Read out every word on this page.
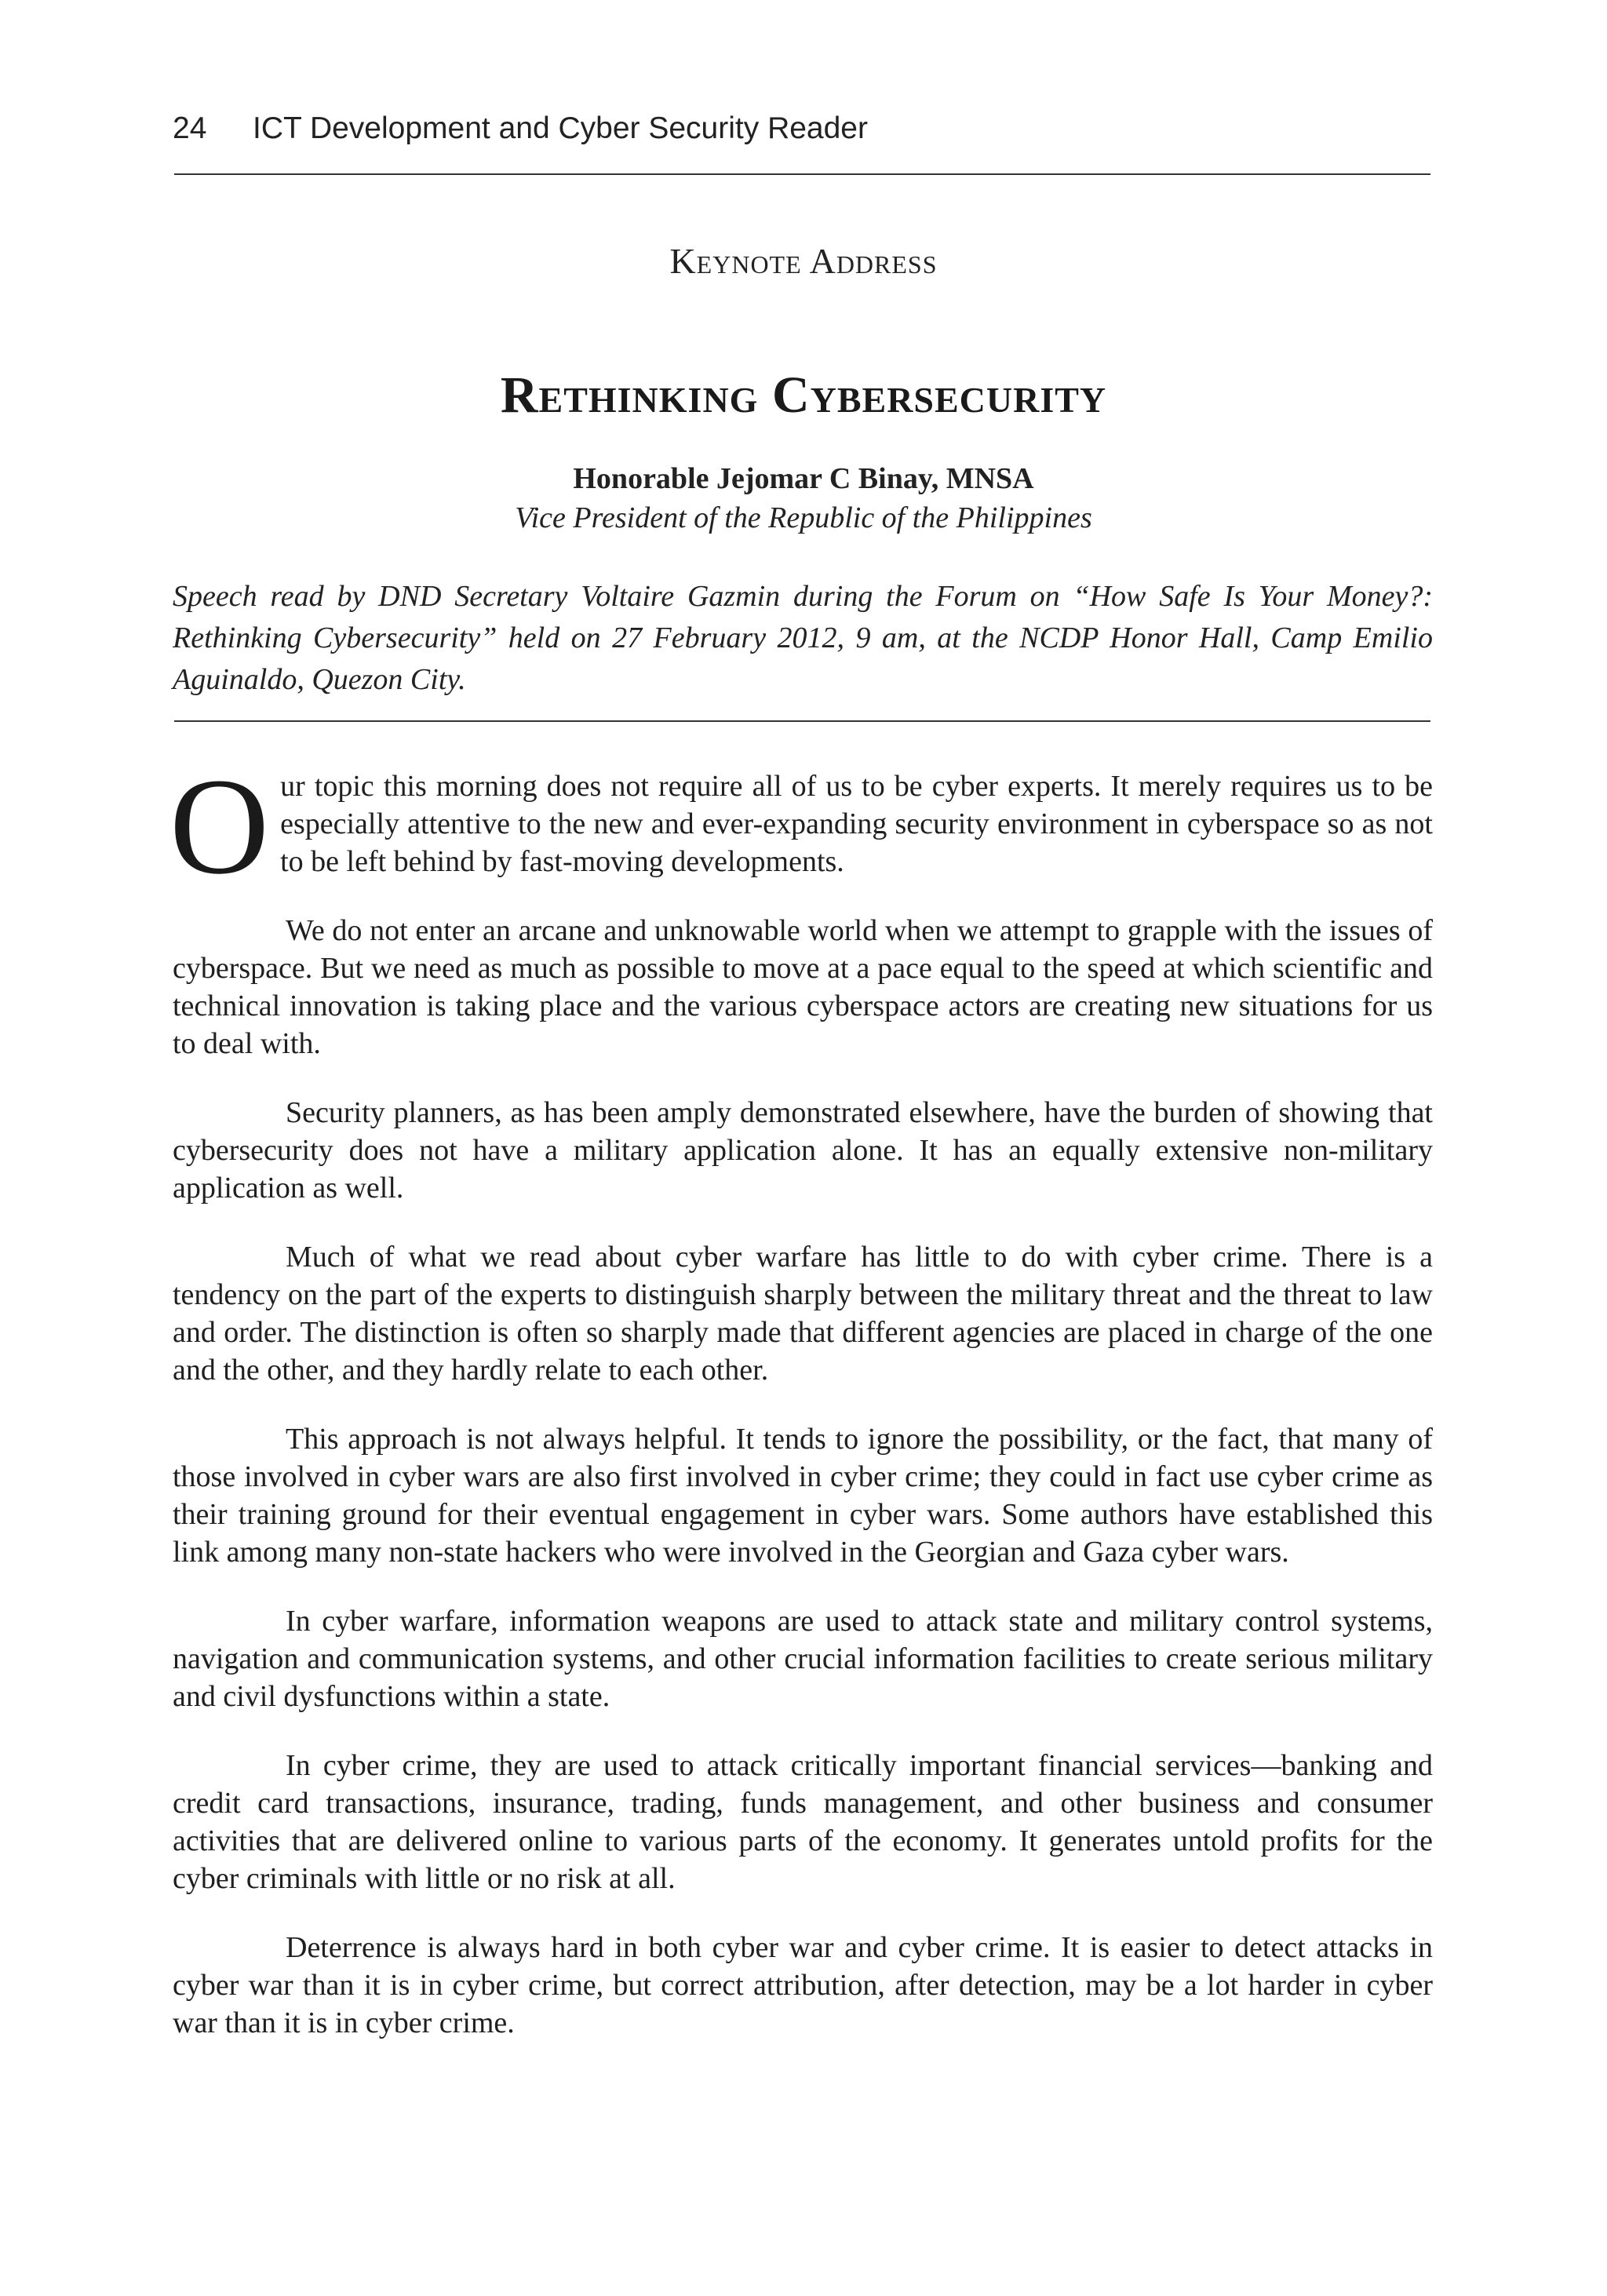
24	ICT Development and Cyber Security Reader
Keynote Address
Rethinking Cybersecurity
Honorable Jejomar C Binay, MNSA
Vice President of the Republic of the Philippines
Speech read by DND Secretary Voltaire Gazmin during the Forum on “How Safe Is Your Money?: Rethinking Cybersecurity” held on 27 February 2012, 9 am, at the NCDP Honor Hall, Camp Emilio Aguinaldo, Quezon City.

Our topic this morning does not require all of us to be cyber experts. It merely requires us to be especially attentive to the new and ever-expanding security environment in cyberspace so as not to be left behind by fast-moving developments.

We do not enter an arcane and unknowable world when we attempt to grapple with the issues of cyberspace. But we need as much as possible to move at a pace equal to the speed at which scientific and technical innovation is taking place and the various cyberspace actors are creating new situations for us to deal with.

Security planners, as has been amply demonstrated elsewhere, have the burden of showing that cybersecurity does not have a military application alone. It has an equally extensive non-military application as well.

Much of what we read about cyber warfare has little to do with cyber crime. There is a tendency on the part of the experts to distinguish sharply between the military threat and the threat to law and order. The distinction is often so sharply made that different agencies are placed in charge of the one and the other, and they hardly relate to each other.

This approach is not always helpful. It tends to ignore the possibility, or the fact, that many of those involved in cyber wars are also first involved in cyber crime; they could in fact use cyber crime as their training ground for their eventual engagement in cyber wars. Some authors have established this link among many non-state hackers who were involved in the Georgian and Gaza cyber wars.

In cyber warfare, information weapons are used to attack state and military control systems, navigation and communication systems, and other crucial information facilities to create serious military and civil dysfunctions within a state.

In cyber crime, they are used to attack critically important financial services—banking and credit card transactions, insurance, trading, funds management, and other business and consumer activities that are delivered online to various parts of the economy. It generates untold profits for the cyber criminals with little or no risk at all.

Deterrence is always hard in both cyber war and cyber crime. It is easier to detect attacks in cyber war than it is in cyber crime, but correct attribution, after detection, may be a lot harder in cyber war than it is in cyber crime.
